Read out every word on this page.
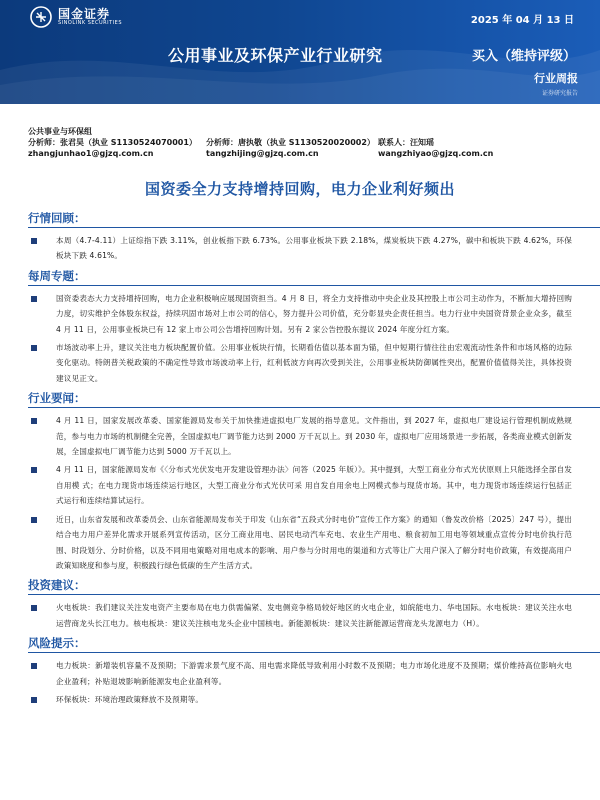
国金证券
SINOLINK SECURITIES	2025 年 04 月 13 日
公用事业及环保产业行业研究	买入（维持评级）
行业周报
证券研究报告
公共事业与环保组
分析师：张君昊（执业 S1130524070001）
zhangjunhao1@gjzq.com.cn
分析师：唐执敬（执业 S1130520020002）
tangzhijing@gjzq.com.cn
联系人：汪知瑶
wangzhiyao@gjzq.com.cn
国资委全力支持增持回购，电力企业利好频出
行情回顾：
本周（4.7-4.11）上证综指下跌 3.11%，创业板指下跌 6.73%。公用事业板块下跌 2.18%，煤炭板块下跌 4.27%，碳中和板块下跌 4.62%，环保板块下跌 4.61%。
每周专题：
国资委表态大力支持增持回购，电力企业积极响应展现国资担当。4 月 8 日，将全力支持推动中央企业及其控股上市公司主动作为，不断加大增持回购力度，切实维护全体股东权益，持续巩固市场对上市公司的信心，努力提升公司价值，充分彰显央企责任担当。电力行业中央国资背景企业众多，截至 4 月 11 日，公用事业板块已有 12 家上市公司公告增持回购计划。另有 2 家公告控股东提议 2024 年度分红方案。
市场波动率上升，建议关注电力板块配置价值。公用事业板块行情，长期看估值以基本面为锚，但中短期行情往往由宏观流动性条件和市场风格的边际变化驱动。特朗普关税政策的不确定性导致市场波动率上行，红利低波方向再次受到关注，公用事业板块防御属性突出，配置价值值得关注，具体投资建议见正文。
行业要闻：
4 月 11 日，国家发展改革委、国家能源局发布关于加快推进虚拟电厂发展的指导意见。文件指出，到 2027 年，虚拟电厂建设运行管理机制成熟规范，参与电力市场的机制健全完善，全国虚拟电厂调节能力达到 2000 万千瓦以上。到 2030 年，虚拟电厂应用场景进一步拓展，各类商业模式创新发展，全国虚拟电厂调节能力达到 5000 万千瓦以上。
4 月 11 日，国家能源局发布《〈分布式光伏发电开发建设管理办法〉问答（2025 年版）》。其中提到，大型工商业分布式光伏原则上只能选择全部自发自用模 式；在电力现货市场连续运行地区，大型工商业分布式光伏可采 用自发自用余电上网模式参与现货市场。其中，电力现货市场连续运行包括正式运行和连续结算试运行。
近日，山东省发展和改革委员会、山东省能源局发布关于印发《山东省“五段式分时电价”宣传工作方案》的通知（鲁发改价格〔2025〕247 号），提出结合电力用户差异化需求开展系列宣传活动，区分工商业用电、居民电动汽车充电、农业生产用电、粮食初加工用电等领域重点宣传分时电价执行范围、时段划分、分时价格，以及不同用电策略对用电成本的影响、用户参与分时用电的渠道和方式等让广大用户深入了解分时电价政策，有效提高用户政策知晓度和参与度，积极践行绿色低碳的生产生活方式。
投资建议：
火电板块：我们建议关注发电资产主要布局在电力供需偏紧、发电侧竞争格局较好地区的火电企业，如皖能电力、华电国际。水电板块：建议关注水电运营商龙头长江电力。核电板块：建议关注核电龙头企业中国核电。新能源板块：建议关注新能源运营商龙头龙源电力（H）。
风险提示：
电力板块：新增装机容量不及预期；下游需求景气度不高、用电需求降低导致利用小时数不及预期；电力市场化进度不及预期；煤价维持高位影响火电企业盈利；补贴退坡影响新能源发电企业盈利等。
环保板块：环境治理政策释放不及预期等。
